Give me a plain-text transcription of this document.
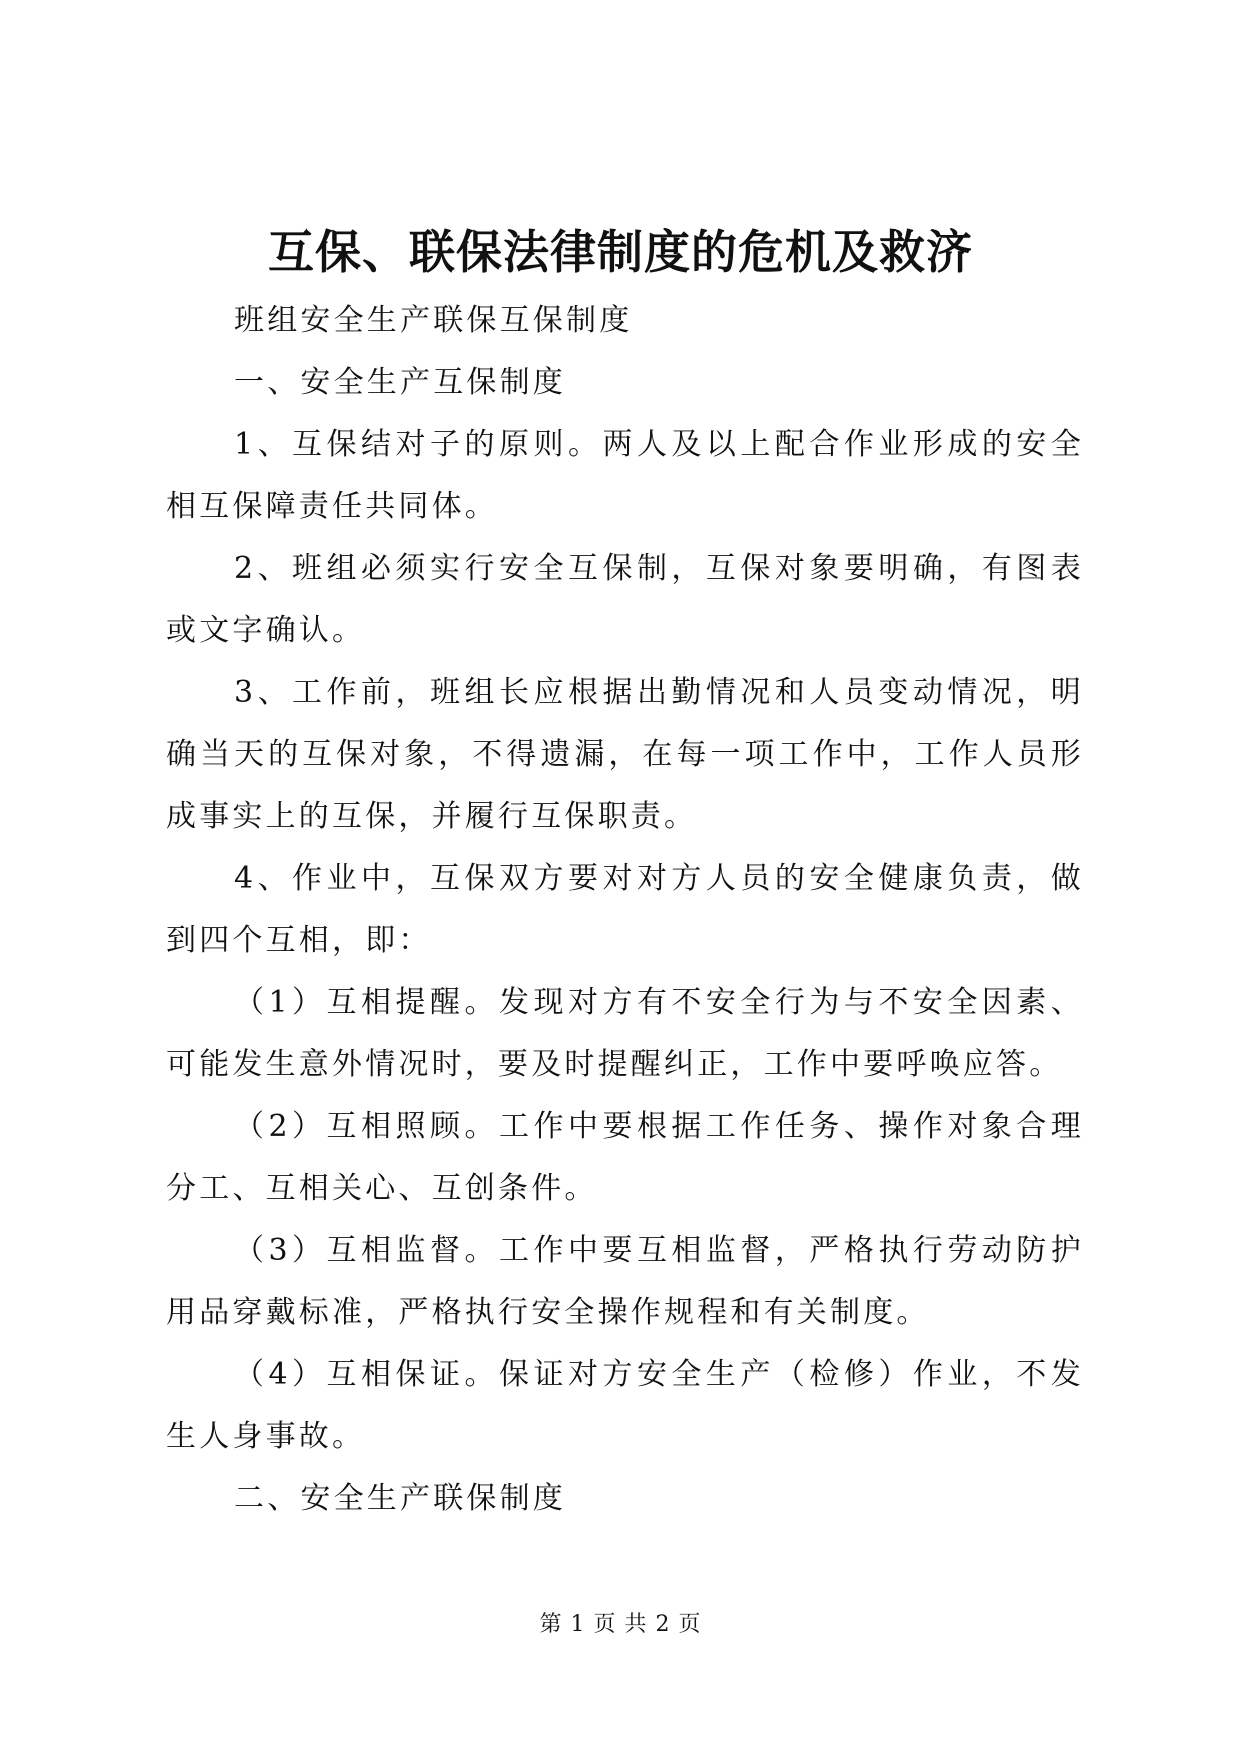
互保、联保法律制度的危机及救济

班组安全生产联保互保制度

一、安全生产互保制度

1、互保结对子的原则。两人及以上配合作业形成的安全相互保障责任共同体。

2、班组必须实行安全互保制，互保对象要明确，有图表或文字确认。

3、工作前，班组长应根据出勤情况和人员变动情况，明确当天的互保对象，不得遗漏，在每一项工作中，工作人员形成事实上的互保，并履行互保职责。

4、作业中，互保双方要对对方人员的安全健康负责，做到四个互相，即：

（1）互相提醒。发现对方有不安全行为与不安全因素、可能发生意外情况时，要及时提醒纠正，工作中要呼唤应答。

（2）互相照顾。工作中要根据工作任务、操作对象合理分工、互相关心、互创条件。

（3）互相监督。工作中要互相监督，严格执行劳动防护用品穿戴标准，严格执行安全操作规程和有关制度。

（4）互相保证。保证对方安全生产（检修）作业，不发生人身事故。

二、安全生产联保制度

第 1 页 共 2 页
